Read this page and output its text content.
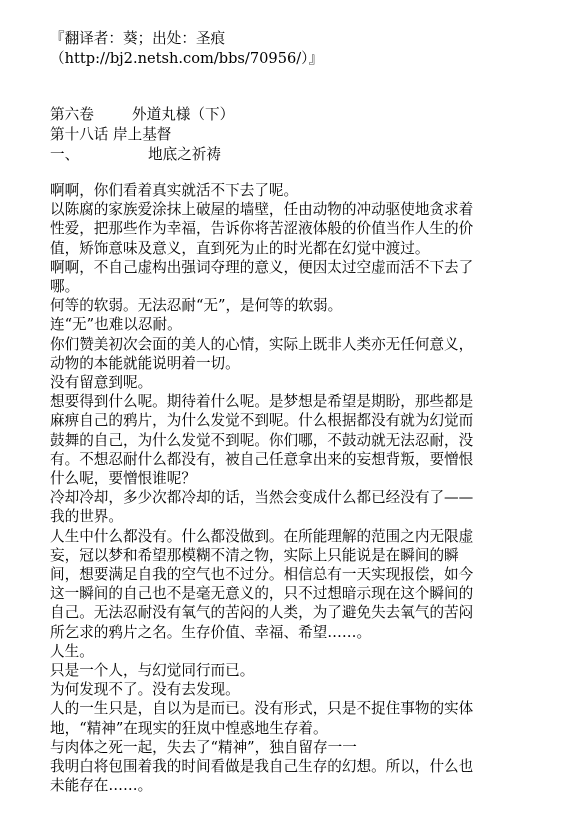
『翻译者：葵；出处：圣痕
（http://bj2.netsh.com/bbs/70956/）』
第六卷	外道丸様（下）
第十八话 岸上基督
一、	地底之祈祷
啊啊，你们看着真实就活不下去了呢。
以陈腐的家族爱涂抹上破屋的墙壁，任由动物的冲动驱使地贪求着
性爱，把那些作为幸福，告诉你将苦涩液体般的价值当作人生的价
值，矫饰意味及意义，直到死为止的时光都在幻觉中渡过。
啊啊，不自己虚构出强词夺理的意义，便因太过空虚而活不下去了
哪。
何等的软弱。无法忍耐“无”，是何等的软弱。
连“无”也难以忍耐。
你们赞美初次会面的美人的心情，实际上既非人类亦无任何意义，
动物的本能就能说明着一切。
没有留意到呢。
想要得到什么呢。期待着什么呢。是梦想是希望是期盼，那些都是
麻痹自己的鸦片，为什么发觉不到呢。什么根据都没有就为幻觉而
鼓舞的自己，为什么发觉不到呢。你们哪，不鼓动就无法忍耐，没
有。不想忍耐什么都没有，被自己任意拿出来的妄想背叛，要憎恨
什么呢，要憎恨谁呢？
冷却冷却，多少次都冷却的话，当然会变成什么都已经没有了——
我的世界。
人生中什么都没有。什么都没做到。在所能理解的范围之内无限虚
妄，冠以梦和希望那模糊不清之物，实际上只能说是在瞬间的瞬
间，想要满足自我的空气也不过分。相信总有一天实现报偿，如今
这一瞬间的自己也不是毫无意义的，只不过想暗示现在这个瞬间的
自己。无法忍耐没有氧气的苦闷的人类，为了避免失去氧气的苦闷
所乞求的鸦片之名。生存价值、幸福、希望……。
人生。
只是一个人，与幻觉同行而已。
为何发现不了。没有去发现。
人的一生只是，自以为是而已。没有形式，只是不捉住事物的实体
地，“精神”在现实的狂岚中惶惑地生存着。
与肉体之死一起，失去了“精神”，独自留存一一
我明白将包围着我的时间看做是我自己生存的幻想。所以，什么也
未能存在……。
